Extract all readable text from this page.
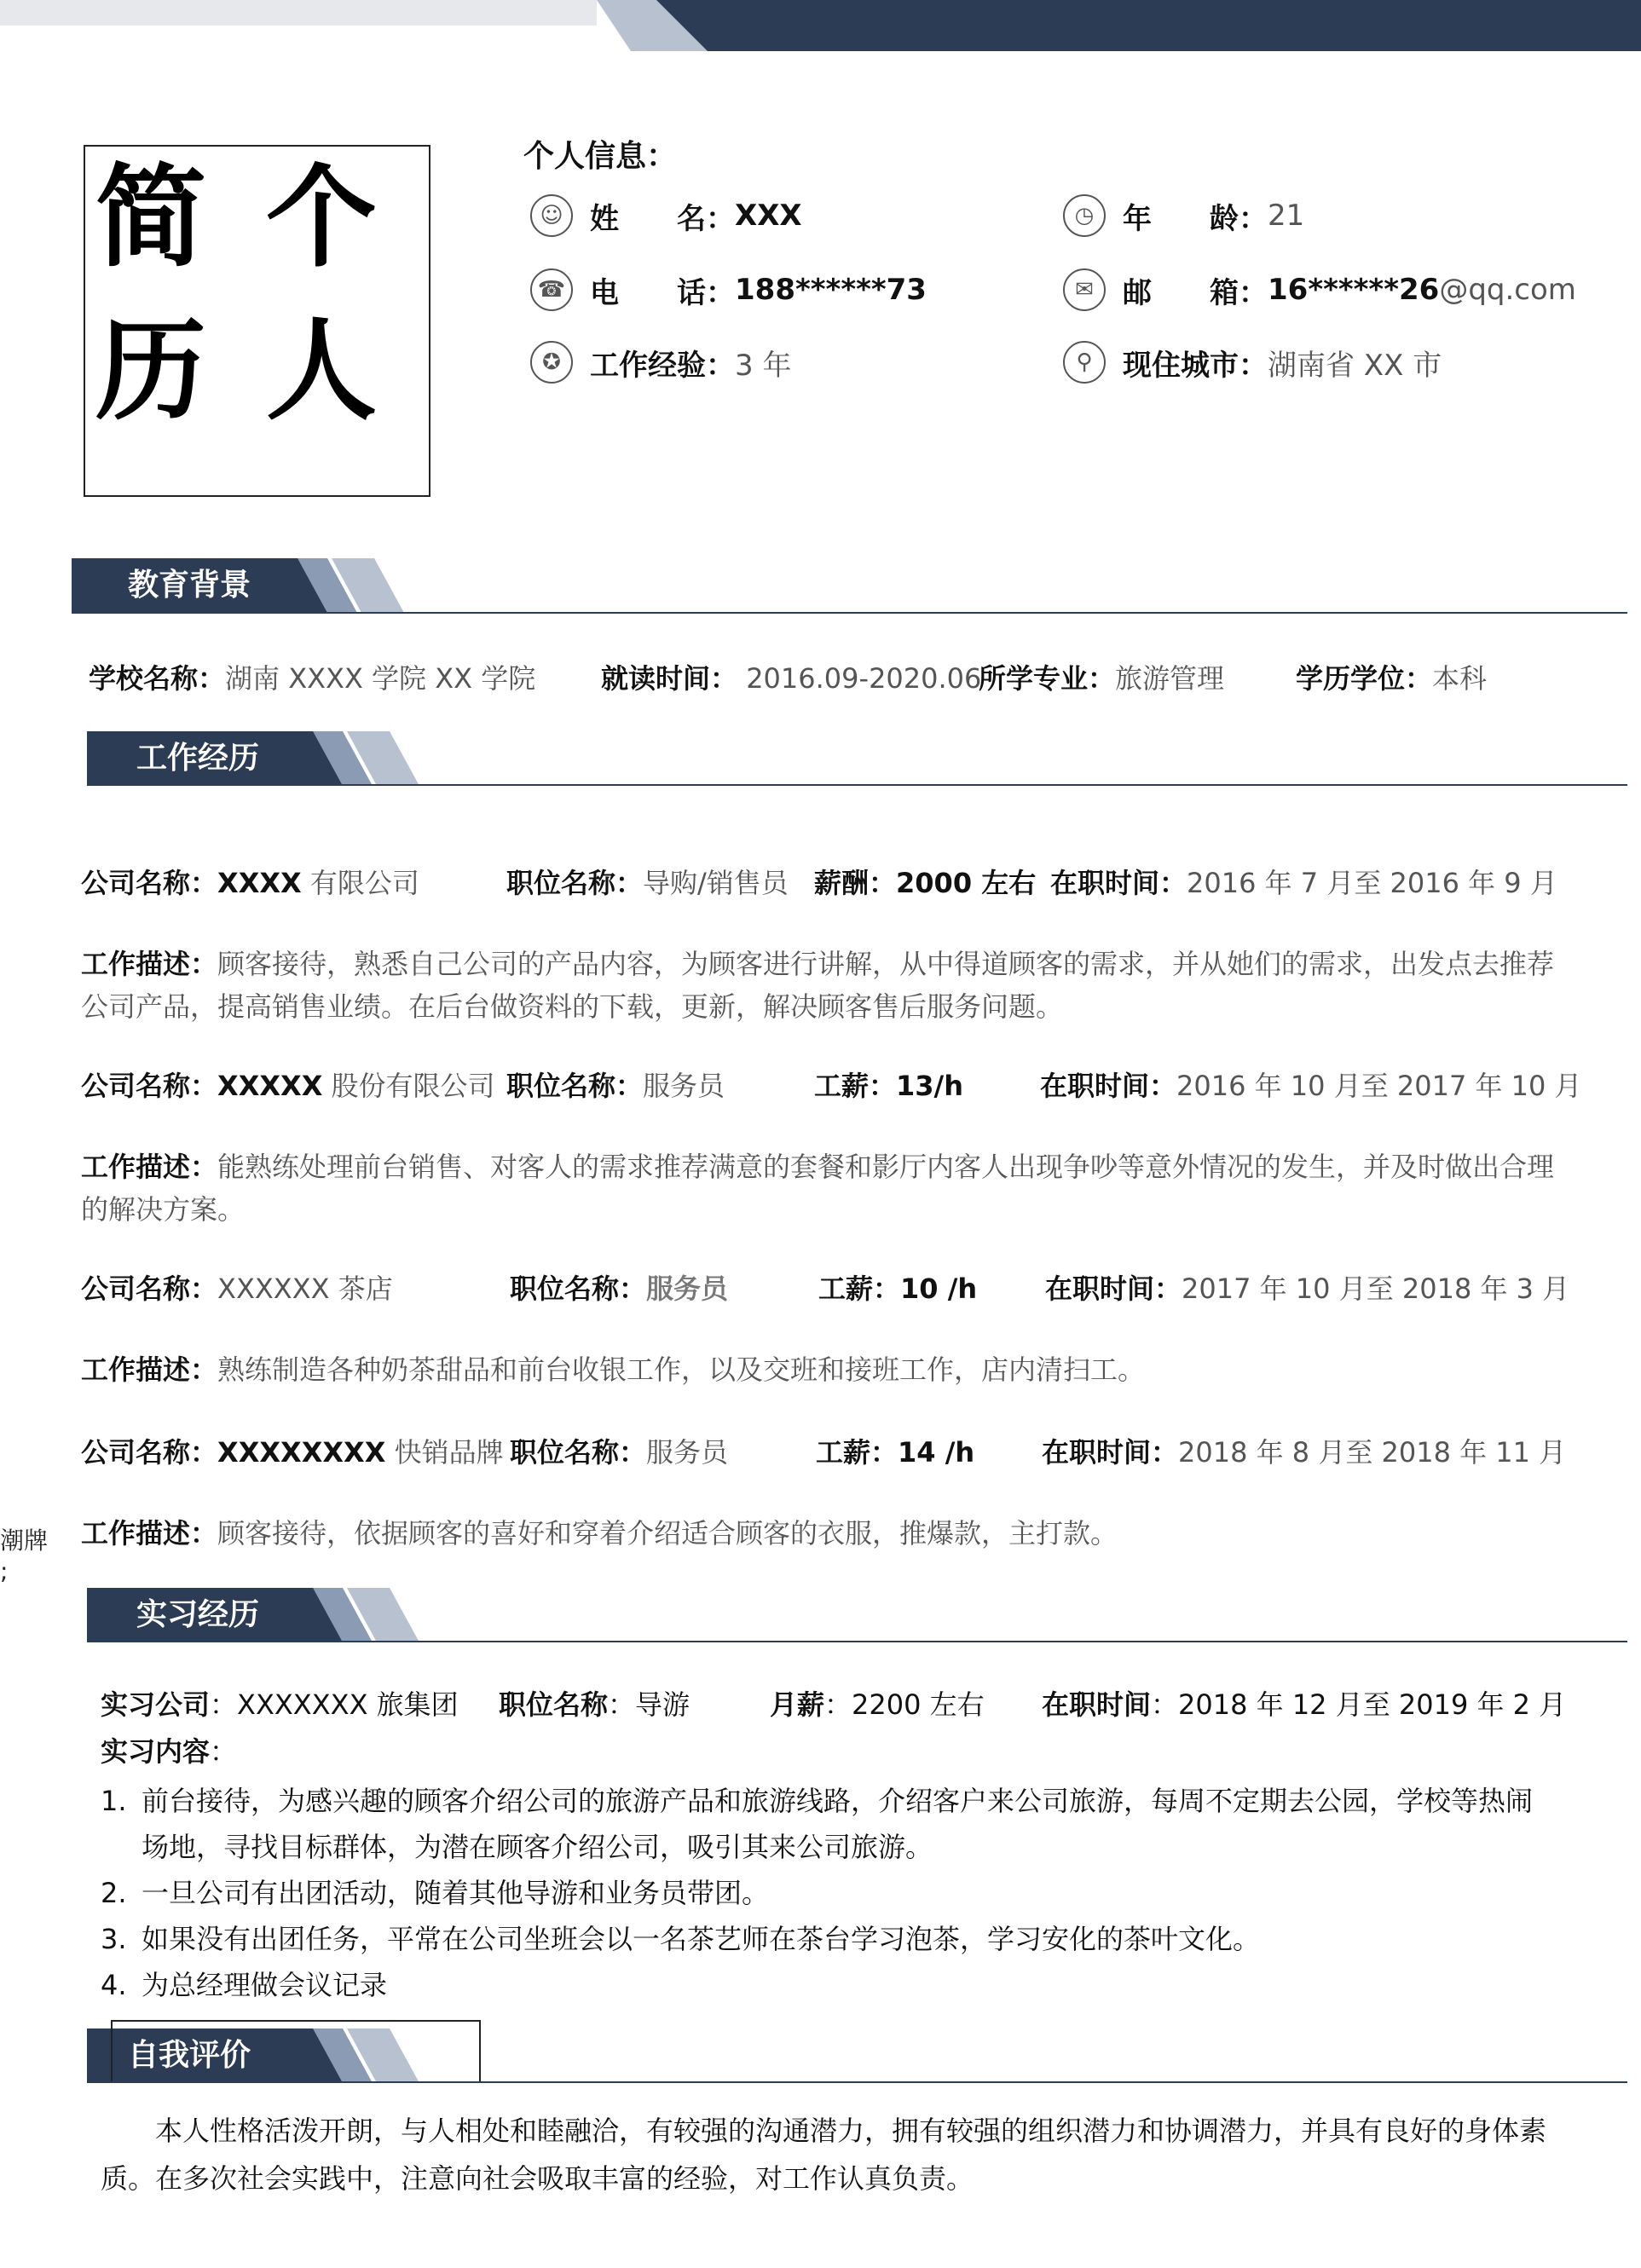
简 个
历 人
个人信息：
☺ 姓　　名： XXX	◷ 年　　龄： 21
☎ 电　　话： 188******73	✉	邮　　箱： 16******26 @qq.com
✪	工作经验： 3 年	⚲	现住城市： 湖南省 XX 市
教育背景
学校名称：湖南 XXXX 学院 XX 学院 就读时间： 2016.09-2020.06
所学专业：旅游管理	学历学位：本科
工作经历
公司名称：XXXX 有限公司	职位名称：导购/销售员 薪酬：2000 左右 在职时间：2016 年 7 月至 2016 年 9 月
工作描述：顾客接待，熟悉自己公司的产品内容，为顾客进行讲解，从中得道顾客的需求，并从她们的需求，出发点去推荐公司产品，提高销售业绩。在后台做资料的下载，更新，解决顾客售后服务问题。
公司名称：XXXXX 股份有限公司 职位名称：服务员	工薪：13/h	在职时间：2016 年 10 月至 2017 年 10 月
工作描述：能熟练处理前台销售、对客人的需求推荐满意的套餐和影厅内客人出现争吵等意外情况的发生，并及时做出合理的解决方案。
公司名称：XXXXXX 茶店	职位名称：服务员	工薪：10 /h 在职时间：2017 年 10 月至 2018 年 3 月
工作描述：熟练制造各种奶茶甜品和前台收银工作，以及交班和接班工作，店内清扫工。
公司名称：XXXXXXXX 快销品牌 职位名称：服务员	工薪：14 /h 在职时间：2018 年 8 月至 2018 年 11 月
工作描述：顾客接待，依据顾客的喜好和穿着介绍适合顾客的衣服，推爆款，主打款。
潮牌
;
实习经历
实习公司：XXXXXXX 旅集团 职位名称：导游	月薪：2200 左右 在职时间：2018 年 12 月至 2019 年 2 月
实习内容：
1. 前台接待，为感兴趣的顾客介绍公司的旅游产品和旅游线路，介绍客户来公司旅游，每周不定期去公园，学校等热闹场地，寻找目标群体，为潜在顾客介绍公司，吸引其来公司旅游。
2. 一旦公司有出团活动，随着其他导游和业务员带团。
3. 如果没有出团任务，平常在公司坐班会以一名茶艺师在茶台学习泡茶，学习安化的茶叶文化。
4. 为总经理做会议记录
自我评价
本人性格活泼开朗，与人相处和睦融洽，有较强的沟通潜力，拥有较强的组织潜力和协调潜力，并具有良好的身体素质。在多次社会实践中，注意向社会吸取丰富的经验，对工作认真负责。
